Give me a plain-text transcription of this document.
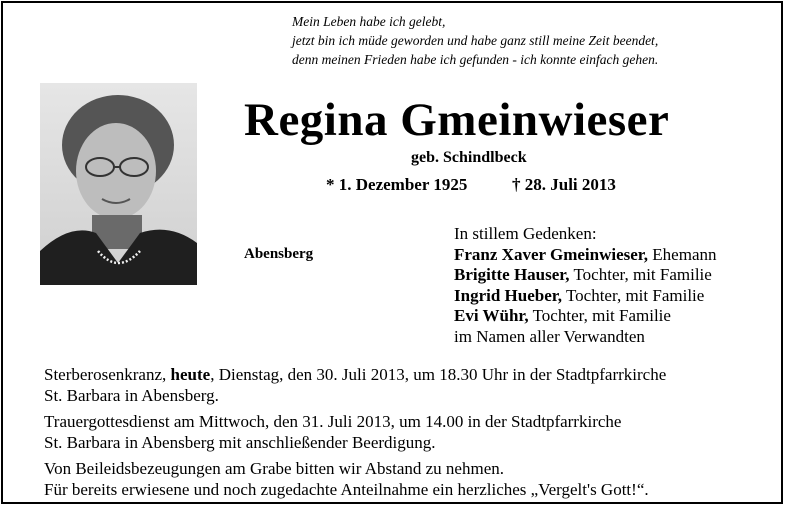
Mein Leben habe ich gelebt,
jetzt bin ich müde geworden und habe ganz still meine Zeit beendet,
denn meinen Frieden habe ich gefunden - ich konnte einfach gehen.
Regina Gmeinwieser
geb. Schindlbeck
* 1. Dezember 1925	† 28. Juli 2013
Abensberg
In stillem Gedenken:
Franz Xaver Gmeinwieser, Ehemann
Brigitte Hauser, Tochter, mit Familie
Ingrid Hueber, Tochter, mit Familie
Evi Wühr, Tochter, mit Familie
im Namen aller Verwandten

Sterberosenkranz, heute, Dienstag, den 30. Juli 2013, um 18.30 Uhr in der Stadtpfarrkirche

St. Barbara in Abensberg.

Trauergottesdienst am Mittwoch, den 31. Juli 2013, um 14.00 in der Stadtpfarrkirche

St. Barbara in Abensberg mit anschließender Beerdigung.

Von Beileidsbezeugungen am Grabe bitten wir Abstand zu nehmen.

Für bereits erwiesene und noch zugedachte Anteilnahme ein herzliches „Vergelt's Gott!“.
